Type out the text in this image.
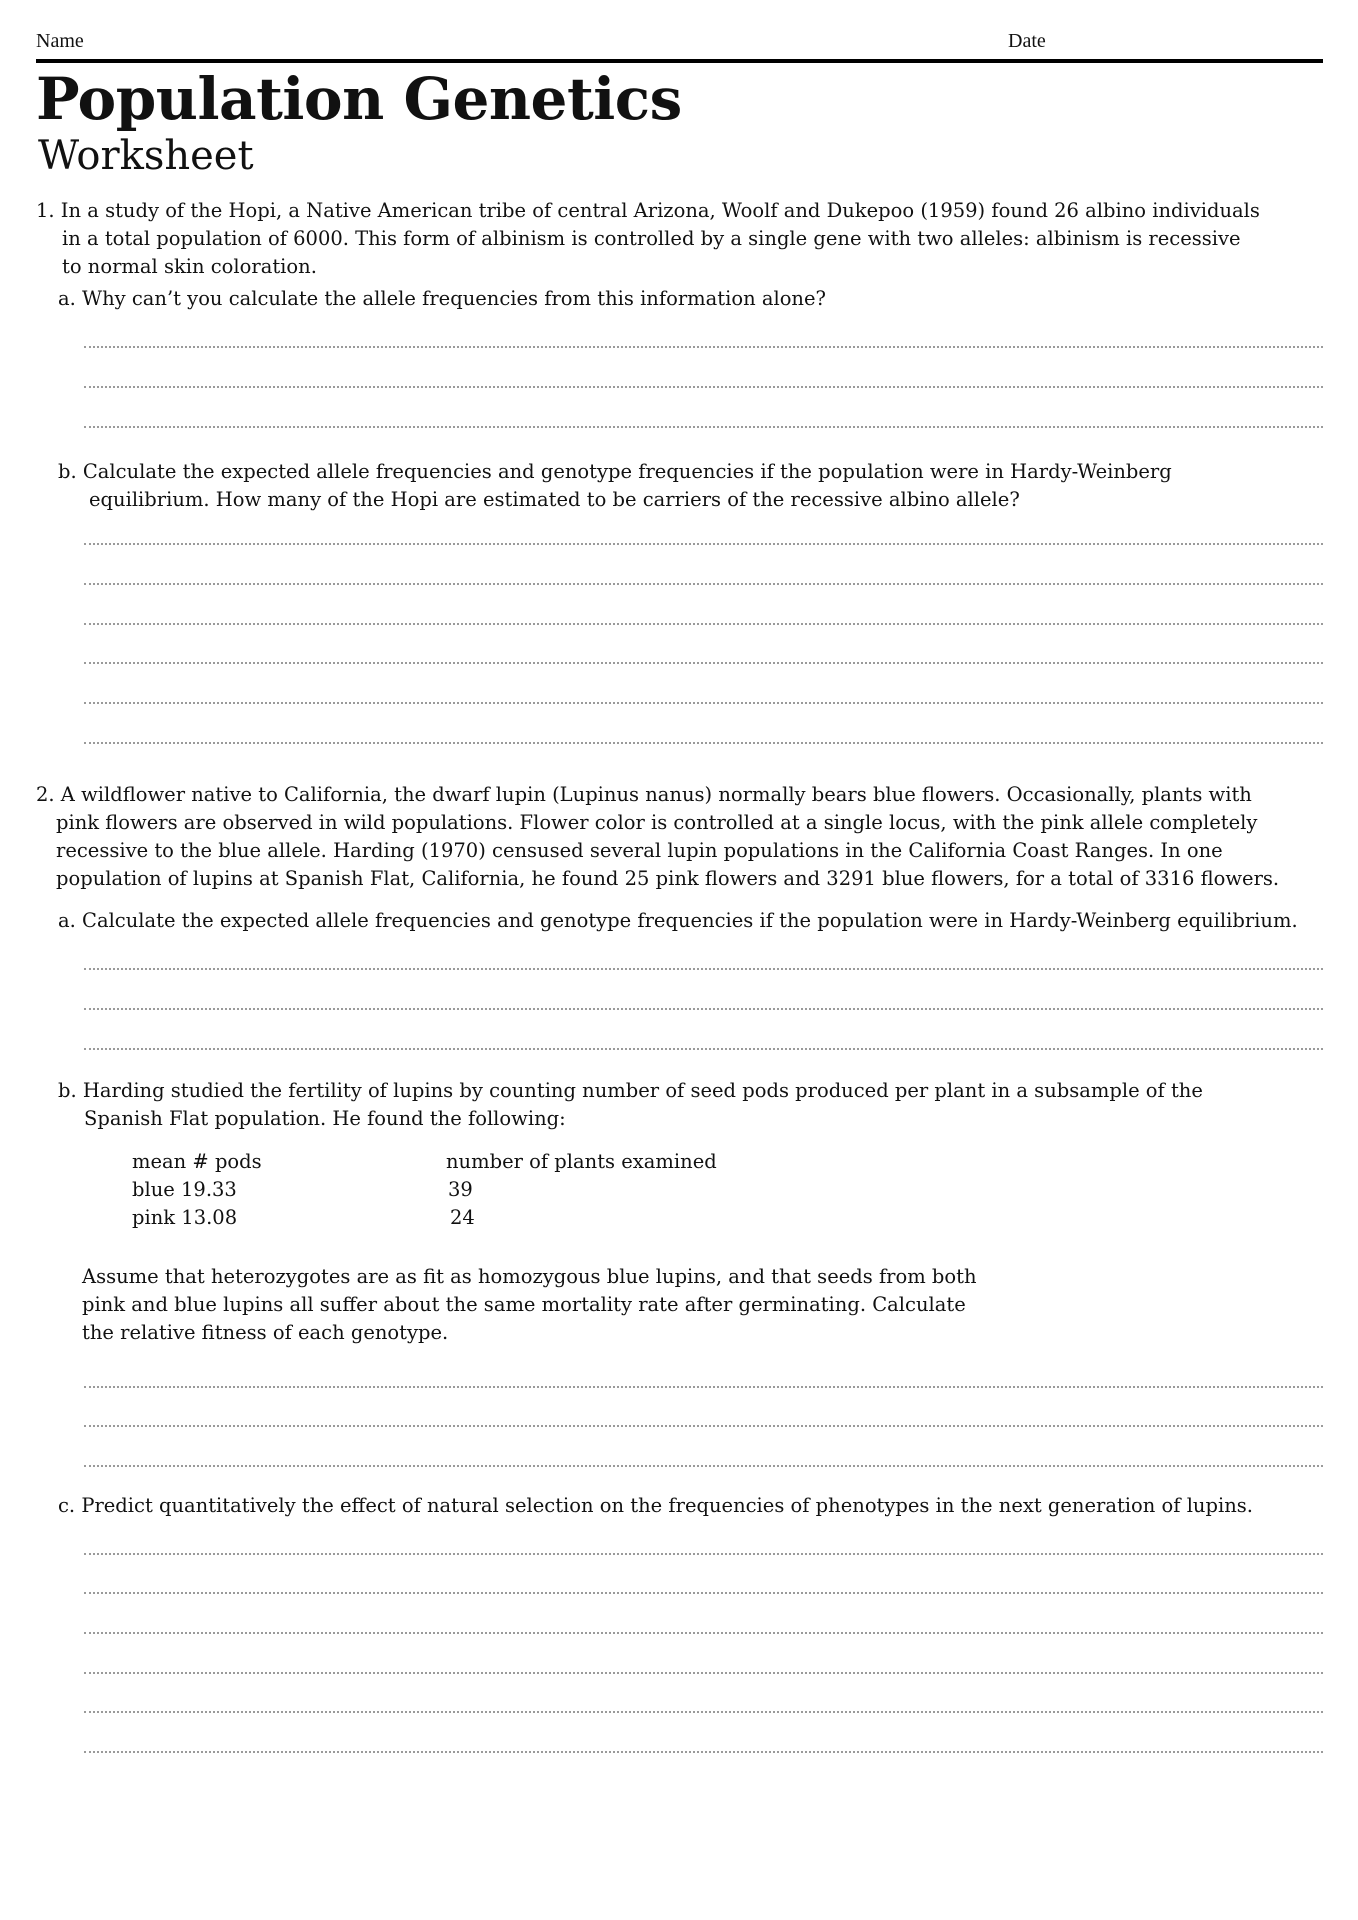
Name	Date
Population Genetics
Worksheet

1. In a study of the Hopi, a Native American tribe of central Arizona, Woolf and Dukepoo (1959) found 26 albino individuals

in a total population of 6000. This form of albinism is controlled by a single gene with two alleles: albinism is recessive

to normal skin coloration.

a. Why can’t you calculate the allele frequencies from this information alone?

b. Calculate the expected allele frequencies and genotype frequencies if the population were in Hardy-Weinberg

equilibrium. How many of the Hopi are estimated to be carriers of the recessive albino allele?

2. A wildflower native to California, the dwarf lupin (Lupinus nanus) normally bears blue flowers. Occasionally, plants with

pink flowers are observed in wild populations. Flower color is controlled at a single locus, with the pink allele completely

recessive to the blue allele. Harding (1970) censused several lupin populations in the California Coast Ranges. In one

population of lupins at Spanish Flat, California, he found 25 pink flowers and 3291 blue flowers, for a total of 3316 flowers.

a. Calculate the expected allele frequencies and genotype frequencies if the population were in Hardy-Weinberg equilibrium.

b. Harding studied the fertility of lupins by counting number of seed pods produced per plant in a subsample of the

Spanish Flat population. He found the following:

mean # pods	number of plants examined
blue 19.33	39
pink 13.08	24

Assume that heterozygotes are as fit as homozygous blue lupins, and that seeds from both

pink and blue lupins all suffer about the same mortality rate after germinating. Calculate

the relative fitness of each genotype.

c. Predict quantitatively the effect of natural selection on the frequencies of phenotypes in the next generation of lupins.
